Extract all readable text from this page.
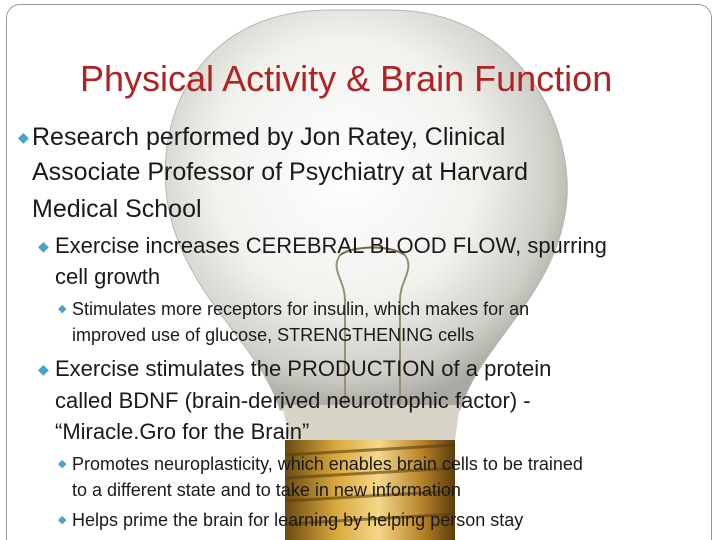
Physical Activity & Brain Function
◆ Research performed by Jon Ratey, Clinical
Associate Professor of Psychiatry at Harvard
Medical School
◆ Exercise increases CEREBRAL BLOOD FLOW, spurring
cell growth
◆ Stimulates more receptors for insulin, which makes for an
improved use of glucose, STRENGTHENING cells
◆ Exercise stimulates the PRODUCTION of a protein
called BDNF (brain-derived neurotrophic factor) -
“Miracle.Gro for the Brain”
◆ Promotes neuroplasticity, which enables brain cells to be trained
to a different state and to take in new information
◆ Helps prime the brain for learning by helping person stay
